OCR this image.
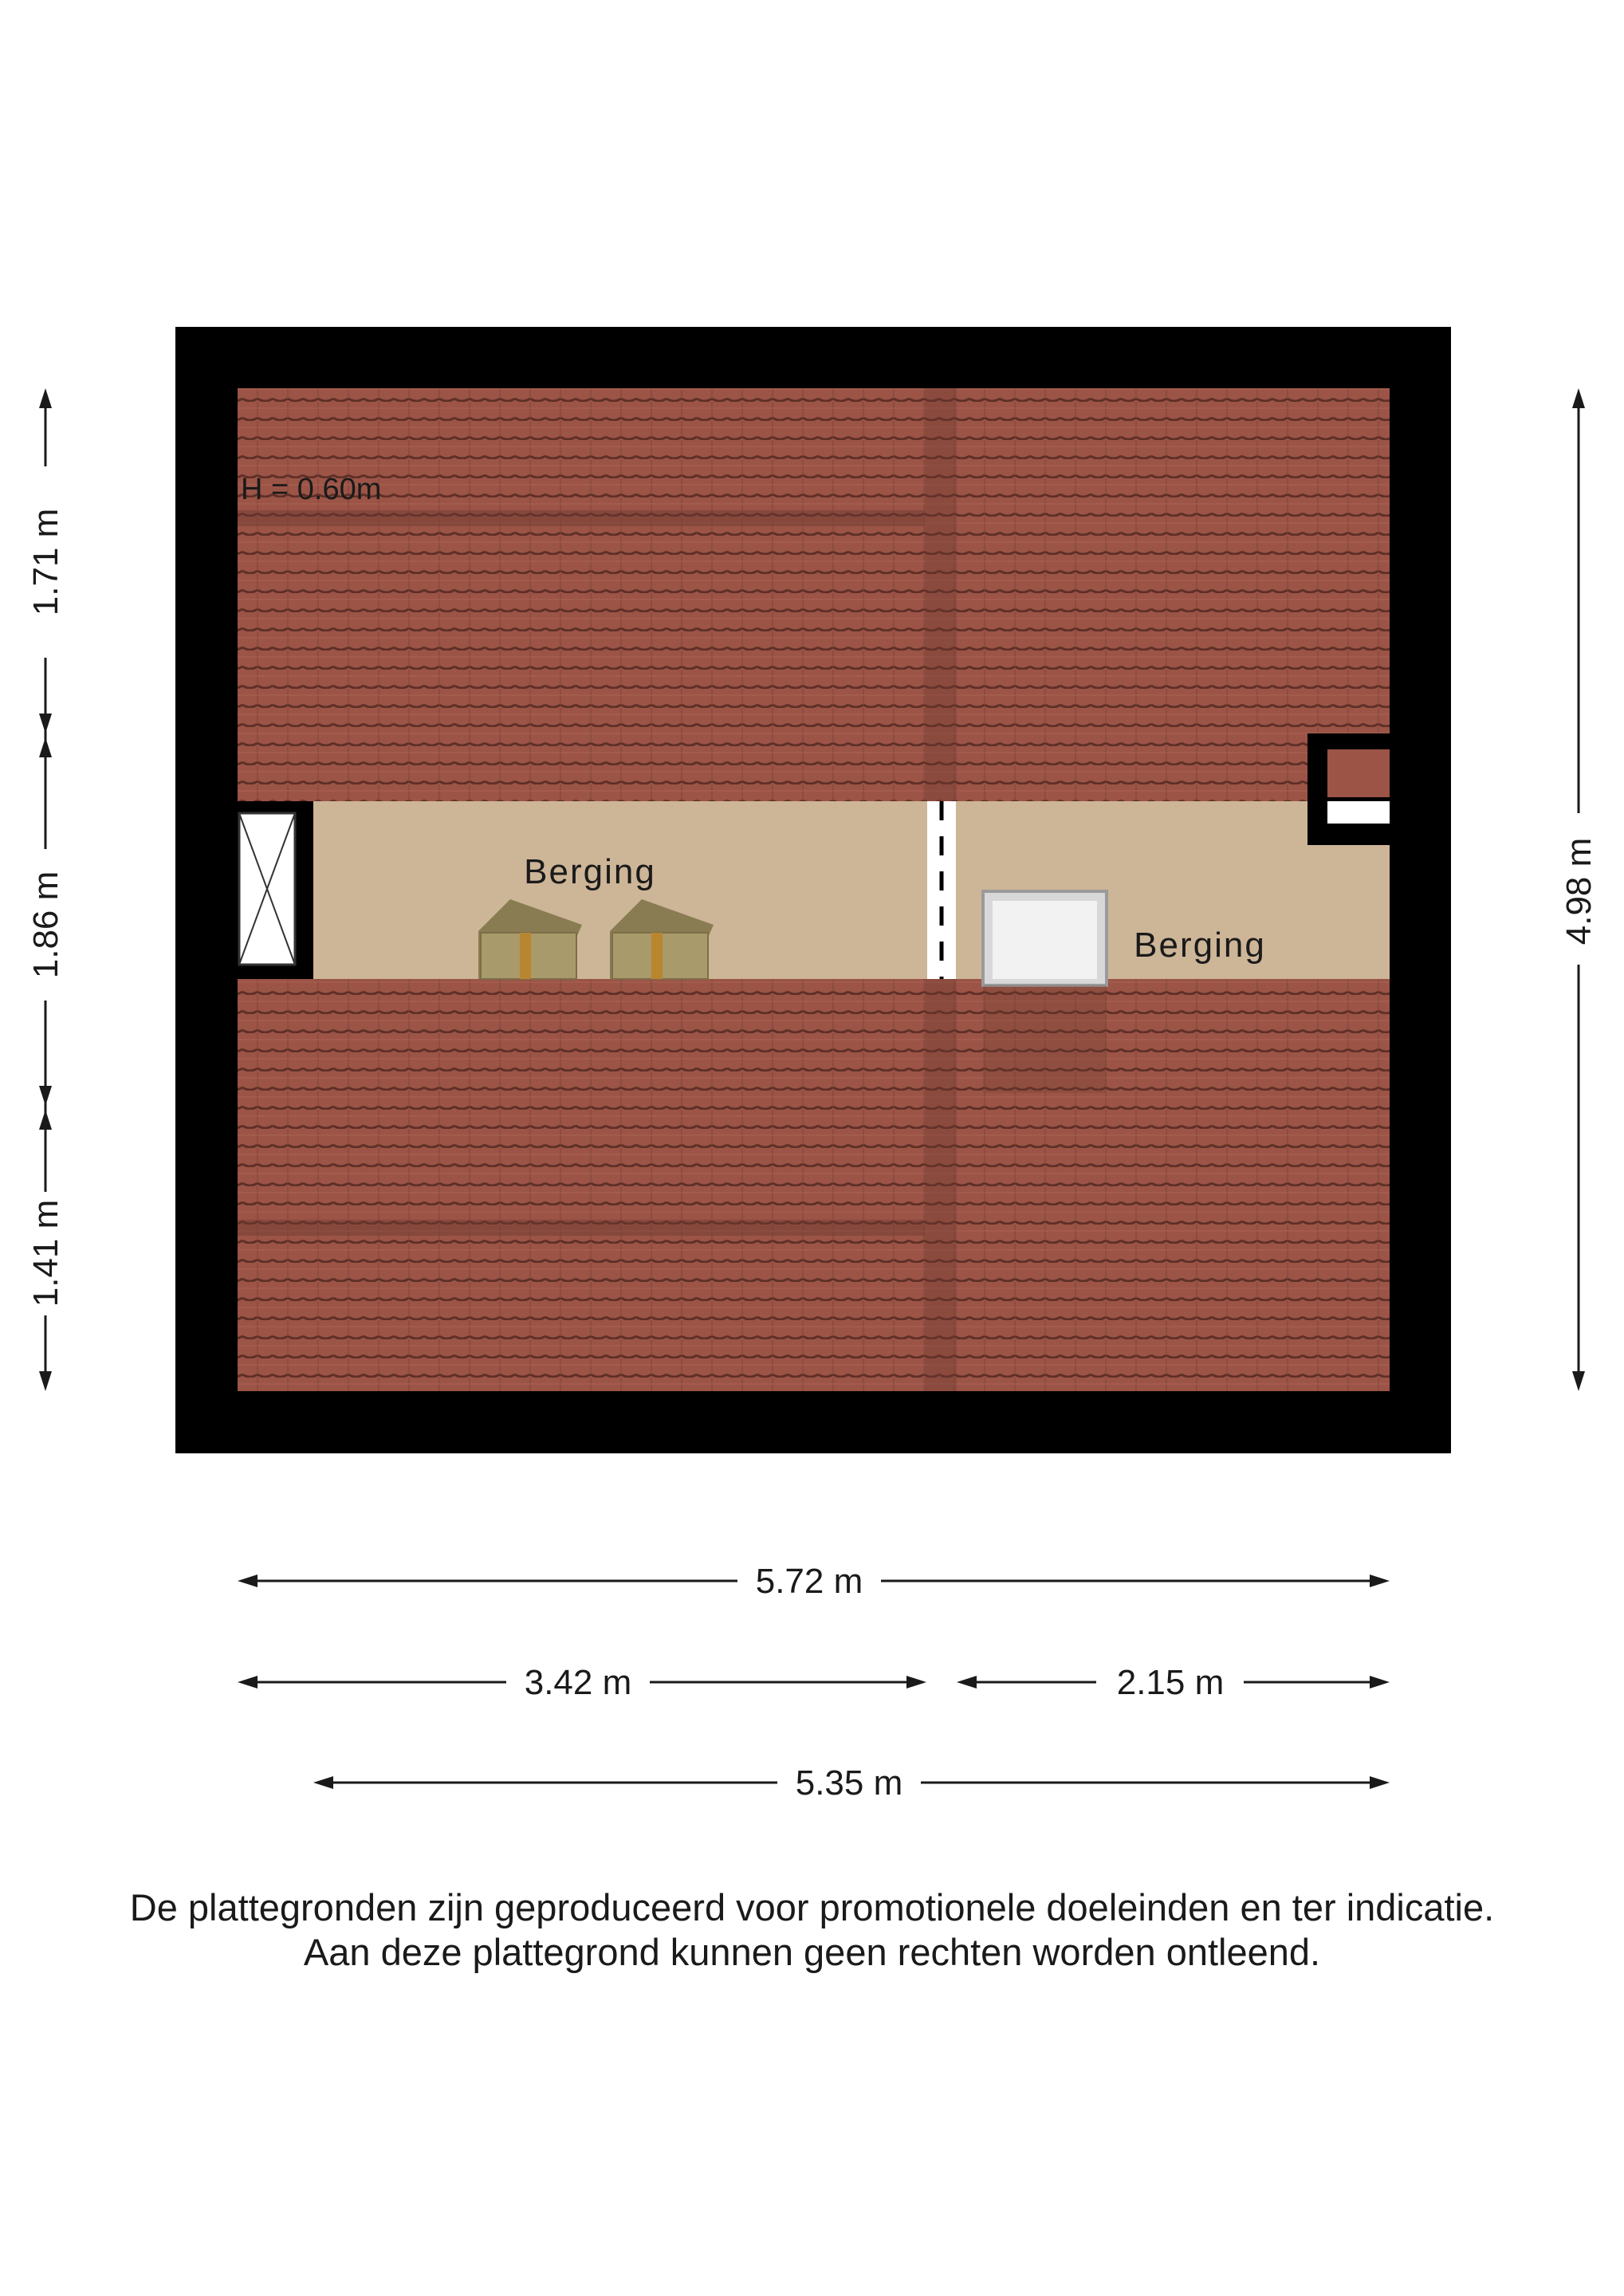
Berging
Berging
H = 0.60m
1.71 m
1.86 m
1.41 m
4.98 m
5.72 m
3.42 m	2.15 m
5.35 m
De plattegronden zijn geproduceerd voor promotionele doeleinden en ter indicatie.
Aan deze plattegrond kunnen geen rechten worden ontleend.
